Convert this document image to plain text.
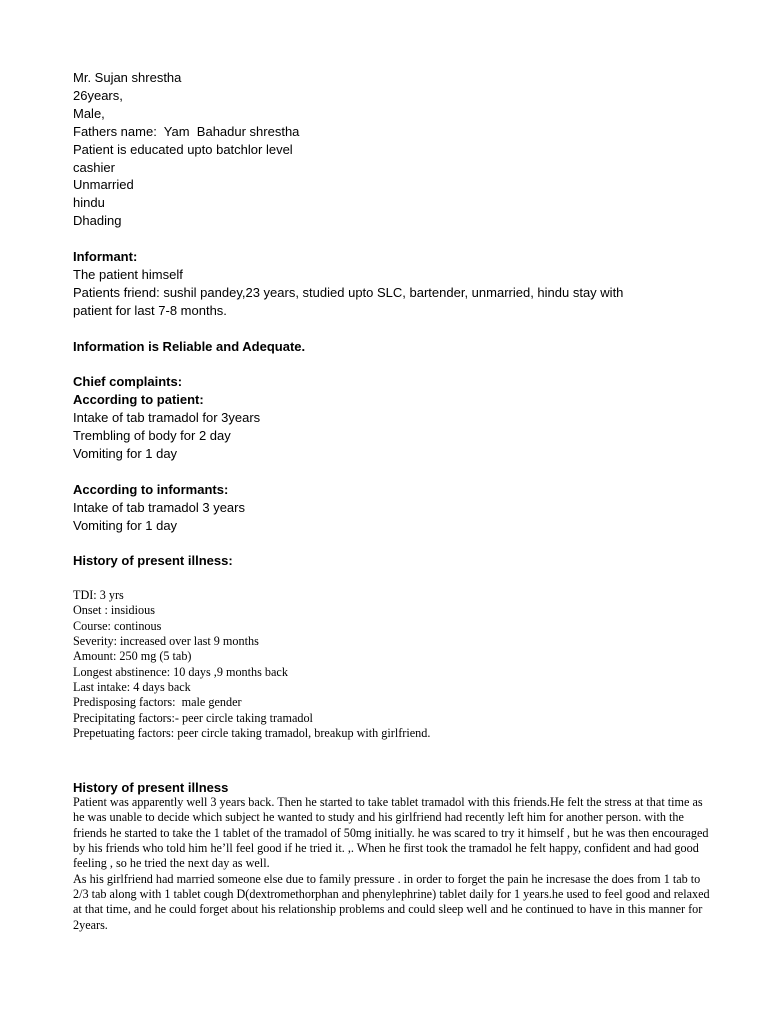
Mr. Sujan shrestha
26years,
Male,
Fathers name:  Yam  Bahadur shrestha
Patient is educated upto batchlor level
cashier
Unmarried
hindu
Dhading
Informant:
The patient himself
Patients friend: sushil pandey,23 years, studied upto SLC, bartender, unmarried, hindu stay with
patient for last 7-8 months.
Information is Reliable and Adequate.
Chief complaints:
According to patient:
Intake of tab tramadol for 3years
Trembling of body for 2 day
Vomiting for 1 day
According to informants:
Intake of tab tramadol 3 years
Vomiting for 1 day
History of present illness:
TDI: 3 yrs
Onset : insidious
Course: continous
Severity: increased over last 9 months
Amount: 250 mg (5 tab)
Longest abstinence: 10 days ,9 months back
Last intake: 4 days back
Predisposing factors:  male gender
Precipitating factors:- peer circle taking tramadol
Prepetuating factors: peer circle taking tramadol, breakup with girlfriend.
History of present illness

Patient was apparently well 3 years back. Then he started to take tablet tramadol with this friends.He felt the stress at that time as he was unable to decide which subject he wanted to study and his girlfriend had recently left him for another person. with the friends he started to take the 1 tablet of the tramadol of 50mg initially. he was scared to try it himself , but he was then encouraged by his friends who told him he’ll feel good if he tried it. ,. When he first took the tramadol he felt happy, confident and had good feeling , so he tried the next day as well.

As his girlfriend had married someone else due to family pressure . in order to forget the pain he incresase the does from 1 tab to 2/3 tab along with 1 tablet cough D(dextromethorphan and phenylephrine) tablet daily for 1 years.he used to feel good and relaxed at that time, and he could forget about his relationship problems and could sleep well and he continued to have in this manner for 2years.
